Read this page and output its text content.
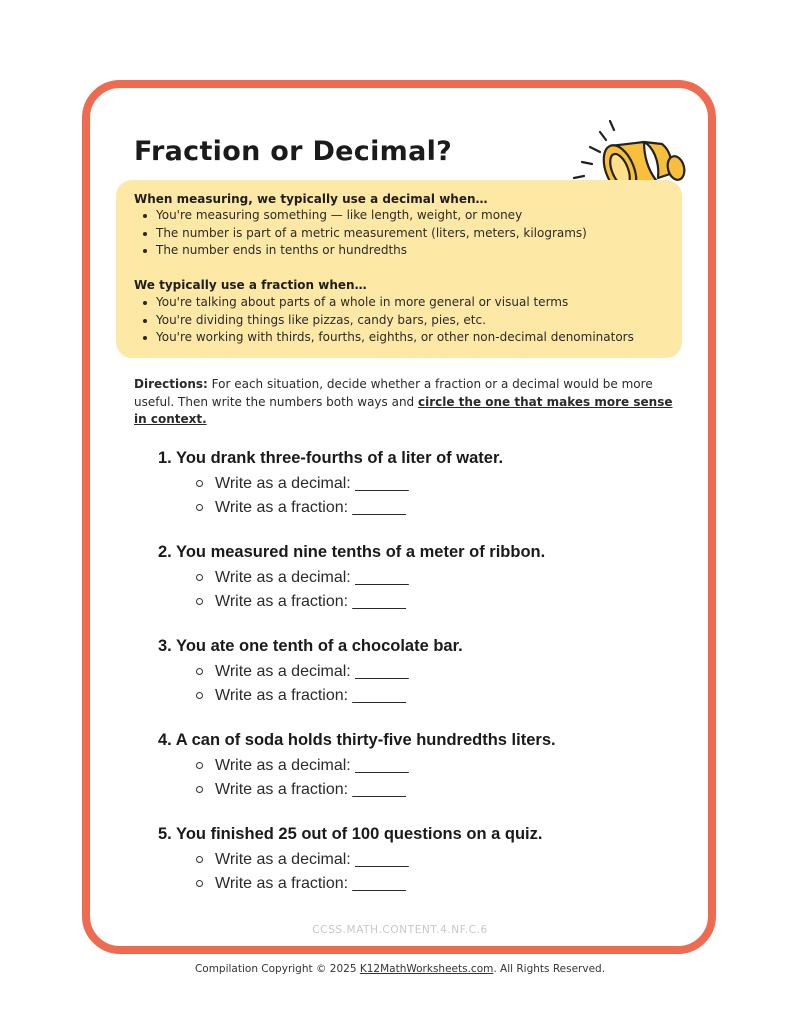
Fraction or Decimal?
When measuring, we typically use a decimal when…
You're measuring something — like length, weight, or money
The number is part of a metric measurement (liters, meters, kilograms)
The number ends in tenths or hundredths
We typically use a fraction when…
You're talking about parts of a whole in more general or visual terms
You're dividing things like pizzas, candy bars, pies, etc.
You're working with thirds, fourths, eighths, or other non-decimal denominators
Directions: For each situation, decide whether a fraction or a decimal would be more useful. Then write the numbers both ways and circle the one that makes more sense in context.
1. You drank three-fourths of a liter of water.
Write as a decimal: ______
Write as a fraction: ______
2. You measured nine tenths of a meter of ribbon.
Write as a decimal: ______
Write as a fraction: ______
3. You ate one tenth of a chocolate bar.
Write as a decimal: ______
Write as a fraction: ______
4. A can of soda holds thirty-five hundredths liters.
Write as a decimal: ______
Write as a fraction: ______
5. You finished 25 out of 100 questions on a quiz.
Write as a decimal: ______
Write as a fraction: ______
CCSS.MATH.CONTENT.4.NF.C.6
Compilation Copyright © 2025 K12MathWorksheets.com. All Rights Reserved.
